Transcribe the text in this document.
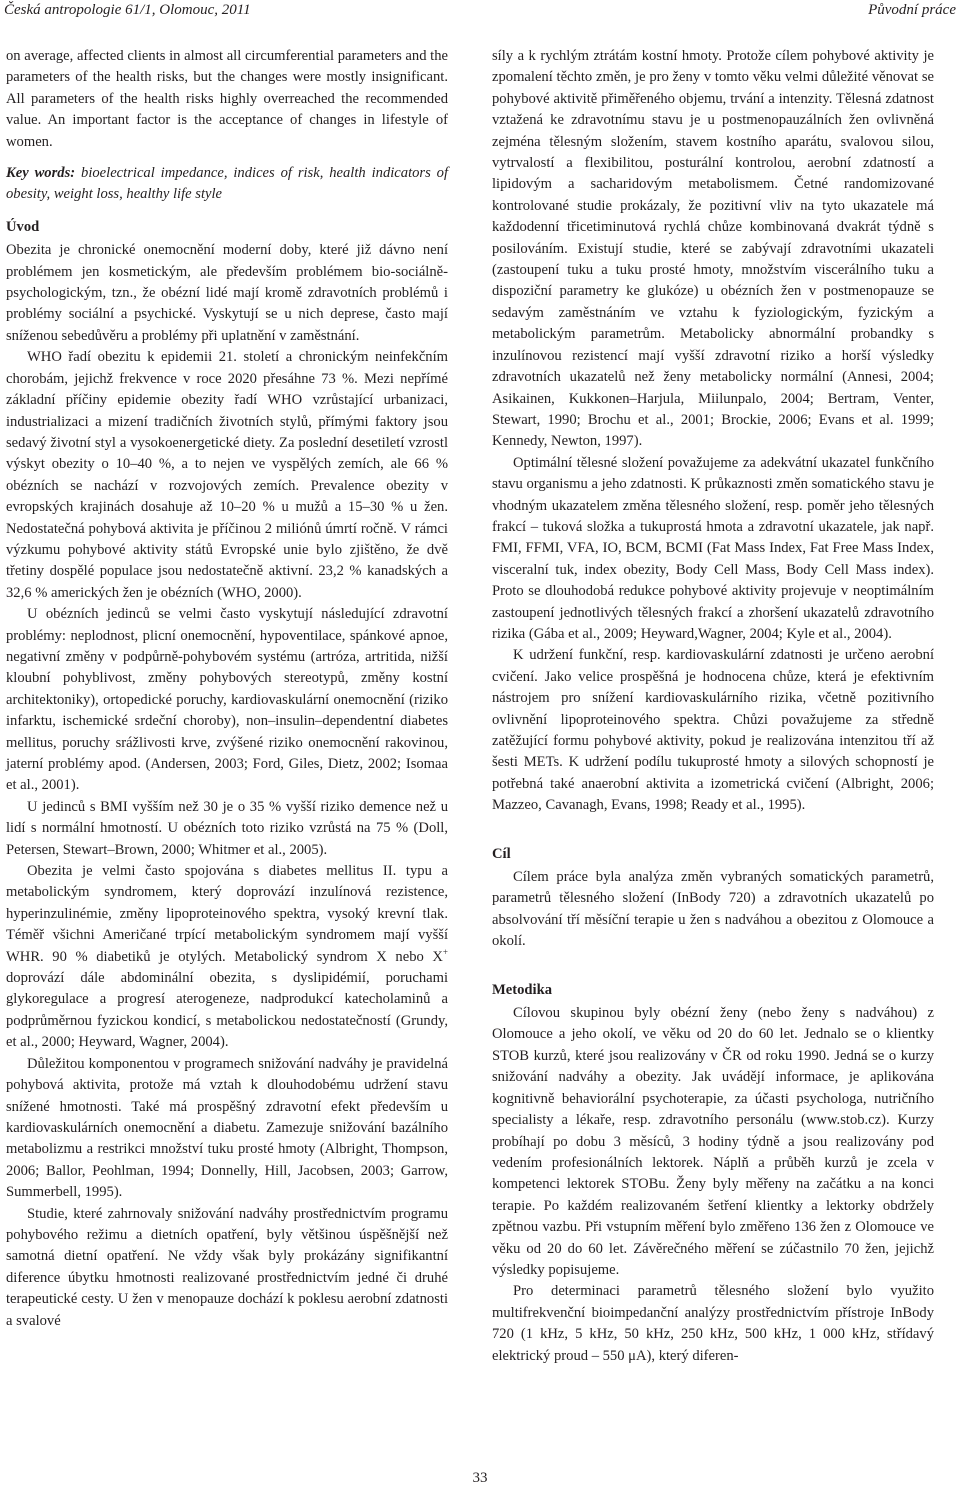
Česká antropologie 61/1, Olomouc, 2011	Původní práce

on average, affected clients in almost all circumferential parameters and the parameters of the health risks, but the changes were mostly insignificant. All parameters of the health risks highly overreached the recommended value. An important factor is the acceptance of changes in lifestyle of women.

Key words: bioelectrical impedance, indices of risk, health indicators of obesity, weight loss, healthy life style

Úvod

Obezita je chronické onemocnění moderní doby, které již dávno není problémem jen kosmetickým, ale především problémem bio-sociálně-psychologickým, tzn., že obézní lidé mají kromě zdravotních problémů i problémy sociální a psychické. Vyskytují se u nich deprese, často mají sníženou sebedůvěru a problémy při uplatnění v zaměstnání.

WHO řadí obezitu k epidemii 21. století a chronickým neinfekčním chorobám, jejichž frekvence v roce 2020 přesáhne 73 %. Mezi nepřímé základní příčiny epidemie obezity řadí WHO vzrůstající urbanizaci, industrializaci a mizení tradičních životních stylů, přímými faktory jsou sedavý životní styl a vysokoenergetické diety. Za poslední desetiletí vzrostl výskyt obezity o 10–40 %, a to nejen ve vyspělých zemích, ale 66 % obézních se nachází v rozvojových zemích. Prevalence obezity v evropských krajinách dosahuje až 10–20 % u mužů a 15–30 % u žen. Nedostatečná pohybová aktivita je příčinou 2 miliónů úmrtí ročně. V rámci výzkumu pohybové aktivity států Evropské unie bylo zjištěno, že dvě třetiny dospělé populace jsou nedostatečně aktivní. 23,2 % kanadských a 32,6 % amerických žen je obézních (WHO, 2000).

U obézních jedinců se velmi často vyskytují následující zdravotní problémy: neplodnost, plicní onemocnění, hypoventilace, spánkové apnoe, negativní změny v podpůrně-pohybovém systému (artróza, artritida, nižší kloubní pohyblivost, změny pohybových stereotypů, změny kostní architektoniky), ortopedické poruchy, kardiovaskulární onemocnění (riziko infarktu, ischemické srdeční choroby), non–insulin–dependentní diabetes mellitus, poruchy srážlivosti krve, zvýšené riziko onemocnění rakovinou, jaterní problémy apod. (Andersen, 2003; Ford, Giles, Dietz, 2002; Isomaa et al., 2001).

U jedinců s BMI vyšším než 30 je o 35 % vyšší riziko demence než u lidí s normální hmotností. U obézních toto riziko vzrůstá na 75 % (Doll, Petersen, Stewart–Brown, 2000; Whitmer et al., 2005).

Obezita je velmi často spojována s diabetes mellitus II. typu a metabolickým syndromem, který doprovází inzulínová rezistence, hyperinzulinémie, změny lipoproteinového spektra, vysoký krevní tlak. Téměř všichni Američané trpící metabolickým syndromem mají vyšší WHR. 90 % diabetiků je otylých. Metabolický syndrom X nebo X+ doprovází dále abdominální obezita, s dyslipidémií, poruchami glykoregulace a progresí aterogeneze, nadprodukcí katecholaminů a podprůměrnou fyzickou kondicí, s metabolickou nedostatečností (Grundy, et al., 2000; Heyward, Wagner, 2004).

Důležitou komponentou v programech snižování nadváhy je pravidelná pohybová aktivita, protože má vztah k dlouhodobému udržení stavu snížené hmotnosti. Také má prospěšný zdravotní efekt především u kardiovaskulárních onemocnění a diabetu. Zamezuje snižování bazálního metabolizmu a restrikci množství tuku prosté hmoty (Albright, Thompson, 2006; Ballor, Peohlman, 1994; Donnelly, Hill, Jacobsen, 2003; Garrow, Summerbell, 1995).

Studie, které zahrnovaly snižování nadváhy prostřednictvím programu pohybového režimu a dietních opatření, byly většinou úspěšnější než samotná dietní opatření. Ne vždy však byly prokázány signifikantní diference úbytku hmotnosti realizované prostřednictvím jedné či druhé terapeutické cesty. U žen v menopauze dochází k poklesu aerobní zdatnosti a svalové

síly a k rychlým ztrátám kostní hmoty. Protože cílem pohybové aktivity je zpomalení těchto změn, je pro ženy v tomto věku velmi důležité věnovat se pohybové aktivitě přiměřeného objemu, trvání a intenzity. Tělesná zdatnost vztažená ke zdravotnímu stavu je u postmenopauzálních žen ovlivněná zejména tělesným složením, stavem kostního aparátu, svalovou silou, vytrvalostí a flexibilitou, posturální kontrolou, aerobní zdatností a lipidovým a sacharidovým metabolismem. Četné randomizované kontrolované studie prokázaly, že pozitivní vliv na tyto ukazatele má každodenní třicetiminutová rychlá chůze kombinovaná dvakrát týdně s posilováním. Existují studie, které se zabývají zdravotními ukazateli (zastoupení tuku a tuku prosté hmoty, množstvím viscerálního tuku a dispoziční parametry ke glukóze) u obézních žen v postmenopauze se sedavým zaměstnáním ve vztahu k fyziologickým, fyzickým a metabolickým parametrům. Metabolicky abnormální probandky s inzulínovou rezistencí mají vyšší zdravotní riziko a horší výsledky zdravotních ukazatelů než ženy metabolicky normální (Annesi, 2004; Asikainen, Kukkonen–Harjula, Miilunpalo, 2004; Bertram, Venter, Stewart, 1990; Brochu et al., 2001; Brockie, 2006; Evans et al. 1999; Kennedy, Newton, 1997).

Optimální tělesné složení považujeme za adekvátní ukazatel funkčního stavu organismu a jeho zdatnosti. K průkaznosti změn somatického stavu je vhodným ukazatelem změna tělesného složení, resp. poměr jeho tělesných frakcí – tuková složka a tukuprostá hmota a zdravotní ukazatele, jak např. FMI, FFMI, VFA, IO, BCM, BCMI (Fat Mass Index, Fat Free Mass Index, visceralní tuk, index obezity, Body Cell Mass, Body Cell Mass index). Proto se dlouhodobá redukce pohybové aktivity projevuje v neoptimálním zastoupení jednotlivých tělesných frakcí a zhoršení ukazatelů zdravotního rizika (Gába et al., 2009; Heyward,Wagner, 2004; Kyle et al., 2004).

K udržení funkční, resp. kardiovaskulární zdatnosti je určeno aerobní cvičení. Jako velice prospěšná je hodnocena chůze, která je efektivním nástrojem pro snížení kardiovaskulárního rizika, včetně pozitivního ovlivnění lipoproteinového spektra. Chůzi považujeme za středně zatěžující formu pohybové aktivity, pokud je realizována intenzitou tří až šesti METs. K udržení podílu tukuprosté hmoty a silových schopností je potřebná také anaerobní aktivita a izometrická cvičení (Albright, 2006; Mazzeo, Cavanagh, Evans, 1998; Ready et al., 1995).

Cíl

Cílem práce byla analýza změn vybraných somatických parametrů, parametrů tělesného složení (InBody 720) a zdravotních ukazatelů po absolvování tří měsíční terapie u žen s nadváhou a obezitou z Olomouce a okolí.

Metodika

Cílovou skupinou byly obézní ženy (nebo ženy s nadváhou) z Olomouce a jeho okolí, ve věku od 20 do 60 let. Jednalo se o klientky STOB kurzů, které jsou realizovány v ČR od roku 1990. Jedná se o kurzy snižování nadváhy a obezity. Jak uvádějí informace, je aplikována kognitivně behaviorální psychoterapie, za účasti psychologa, nutričního specialisty a lékaře, resp. zdravotního personálu (www.stob.cz). Kurzy probíhají po dobu 3 měsíců, 3 hodiny týdně a jsou realizovány pod vedením profesionálních lektorek. Náplň a průběh kurzů je zcela v kompetenci lektorek STOBu. Ženy byly měřeny na začátku a na konci terapie. Po každém realizovaném šetření klientky a lektorky obdržely zpětnou vazbu. Při vstupním měření bylo změřeno 136 žen z Olomouce ve věku od 20 do 60 let. Závěrečného měření se zúčastnilo 70 žen, jejichž výsledky popisujeme.

Pro determinaci parametrů tělesného složení bylo využito multifrekvenční bioimpedanční analýzy prostřednictvím přístroje InBody 720 (1 kHz, 5 kHz, 50 kHz, 250 kHz, 500 kHz, 1 000 kHz, střídavý elektrický proud – 550 μA), který diferen-

33
